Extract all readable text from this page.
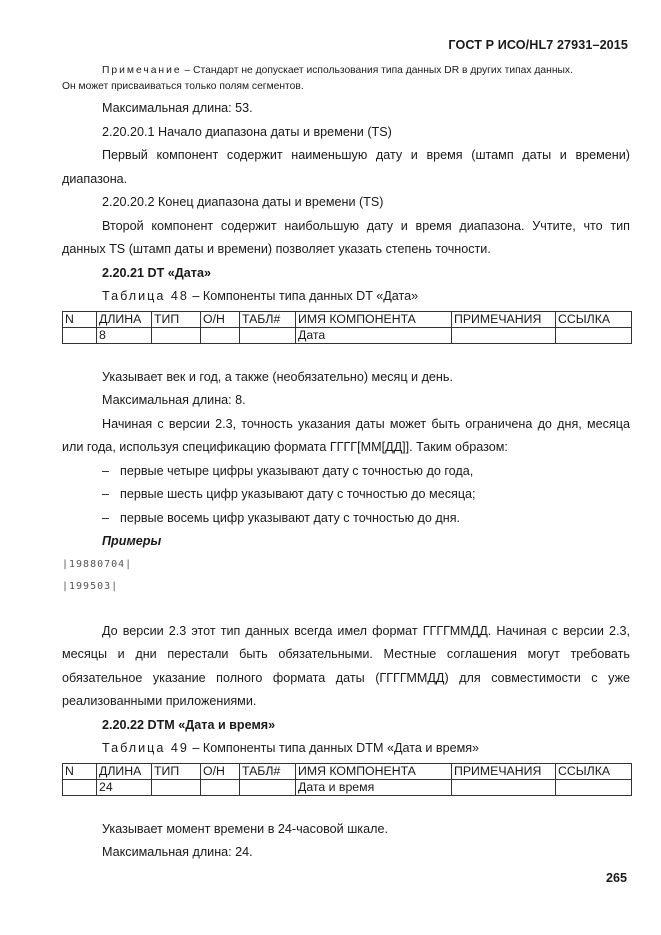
ГОСТ Р ИСО/HL7 27931–2015

Примечание – Стандарт не допускает использования типа данных DR в других типах данных.

Он может присваиваться только полям сегментов.

Максимальная длина: 53.

2.20.20.1 Начало диапазона даты и времени (TS)

Первый компонент содержит наименьшую дату и время (штамп даты и времени) диапазона.

2.20.20.2 Конец диапазона даты и времени (TS)

Второй компонент содержит наибольшую дату и время диапазона. Учтите, что тип данных TS (штамп даты и времени) позволяет указать степень точности.

2.20.21 DT «Дата»

Таблица 48 – Компоненты типа данных DT «Дата»

N	ДЛИНА	ТИП	О/Н	ТАБЛ#	ИМЯ КОМПОНЕНТА	ПРИМЕЧАНИЯ	ССЫЛКА
	8				Дата		

Указывает век и год, а также (необязательно) месяц и день.

Максимальная длина: 8.

Начиная с версии 2.3, точность указания даты может быть ограничена до дня, месяца или года, используя спецификацию формата ГГГГ[ММ[ДД]]. Таким образом:

– первые четыре цифры указывают дату с точностью до года,
– первые шесть цифр указывают дату с точностью до месяца;
– первые восемь цифр указывают дату с точностью до дня.

Примеры

|19880704|

|199503|

До версии 2.3 этот тип данных всегда имел формат ГГГГММДД. Начиная с версии 2.3, месяцы и дни перестали быть обязательными. Местные соглашения могут требовать обязательное указание полного формата даты (ГГГГММДД) для совместимости с уже реализованными приложениями.

2.20.22 DTM «Дата и время»

Таблица 49 – Компоненты типа данных DTM «Дата и время»

N	ДЛИНА	ТИП	О/Н	ТАБЛ#	ИМЯ КОМПОНЕНТА	ПРИМЕЧАНИЯ	ССЫЛКА
	24				Дата и время		

Указывает момент времени в 24-часовой шкале.

Максимальная длина: 24.

265
